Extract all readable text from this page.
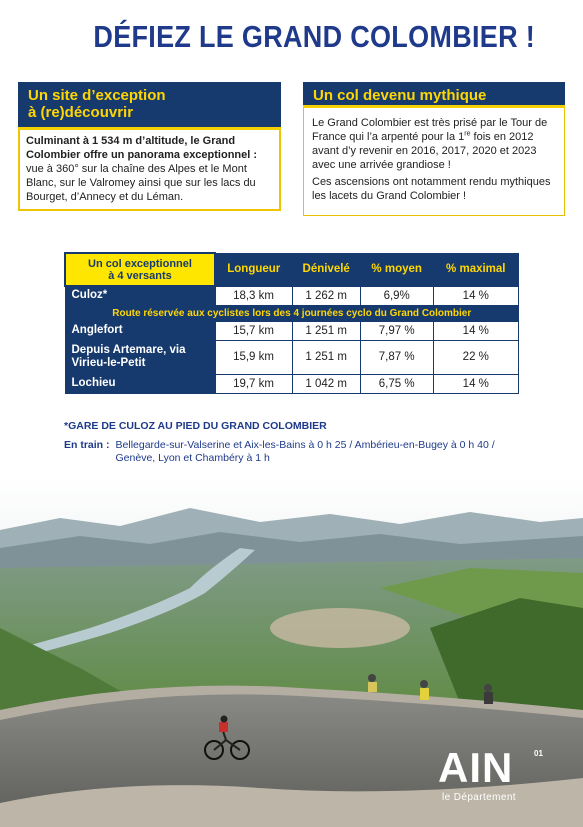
DÉFIEZ LE GRAND COLOMBIER !
Un site d’exception
à (re)découvrir
Culminant à 1 534 m d’altitude, le Grand Colombier offre un panorama exceptionnel :
vue à 360° sur la chaîne des Alpes et le Mont Blanc, sur le Valromey ainsi que sur les lacs du Bourget, d’Annecy et du Léman.
Un col devenu mythique

Le Grand Colombier est très prisé par le Tour de France qui l’a arpenté pour la 1re fois en 2012 avant d’y revenir en 2016, 2017, 2020 et 2023 avec une arrivée grandiose !

Ces ascensions ont notamment rendu mythiques les lacets du Grand Colombier !

Un col exceptionnel
à 4 versants	Longueur	Dénivelé	% moyen	% maximal
Culoz*	18,3 km	1 262 m	6,9%	14 %
Route réservée aux cyclistes lors des 4 journées cyclo du Grand Colombier				
Anglefort	15,7 km	1 251 m	7,97 %	14 %
Depuis Artemare, via Virieu-le-Petit	15,9 km	1 251 m	7,87 %	22 %
Lochieu	19,7 km	1 042 m	6,75 %	14 %
*GARE DE CULOZ AU PIED DU GRAND COLOMBIER
En train : Bellegarde-sur-Valserine et Aix-les-Bains à 0 h 25 / Ambérieu-en-Bugey à 0 h 40 / Genève, Lyon et Chambéry à 1 h
AIN	01
le Département
